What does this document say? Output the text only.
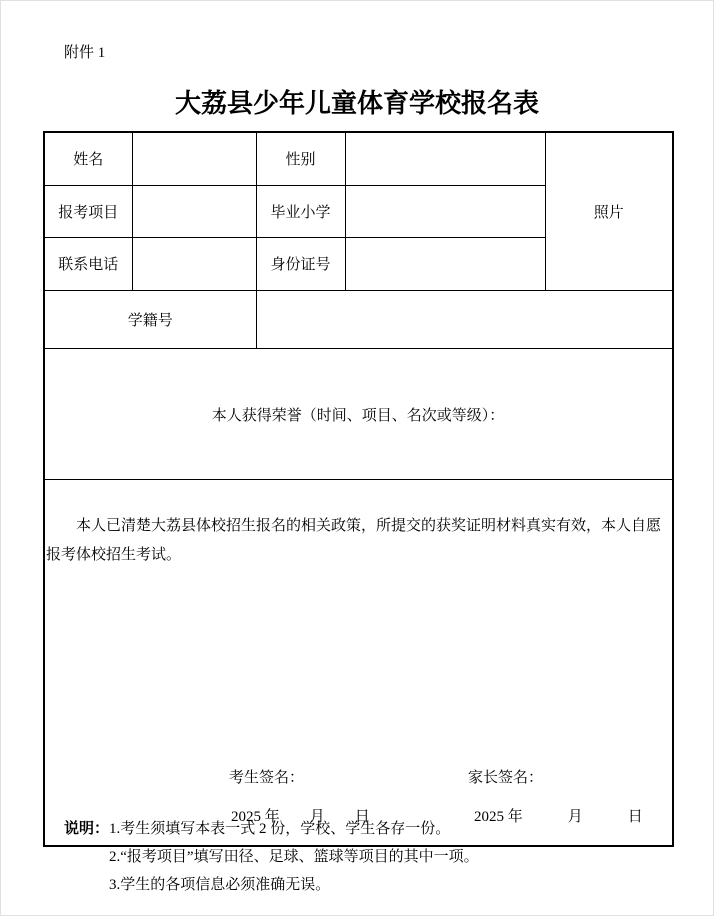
附件 1
大荔县少年儿童体育学校报名表
姓名		性别		照片
报考项目		毕业小学		
联系电话		身份证号		
学籍号				

本人获得荣誉（时间、项目、名次或等级）：				

本人已清楚大荔县体校招生报名的相关政策，所提交的获奖证明材料真实有效，本人自愿报考体校招生考试。

考生签名： 家长签名：
2025 年　　月　　日 2025 年　　　月　　　日				
说明：1.考生须填写本表一式 2 份，学校、学生各存一份。
2.“报考项目”填写田径、足球、篮球等项目的其中一项。
3.学生的各项信息必须准确无误。
